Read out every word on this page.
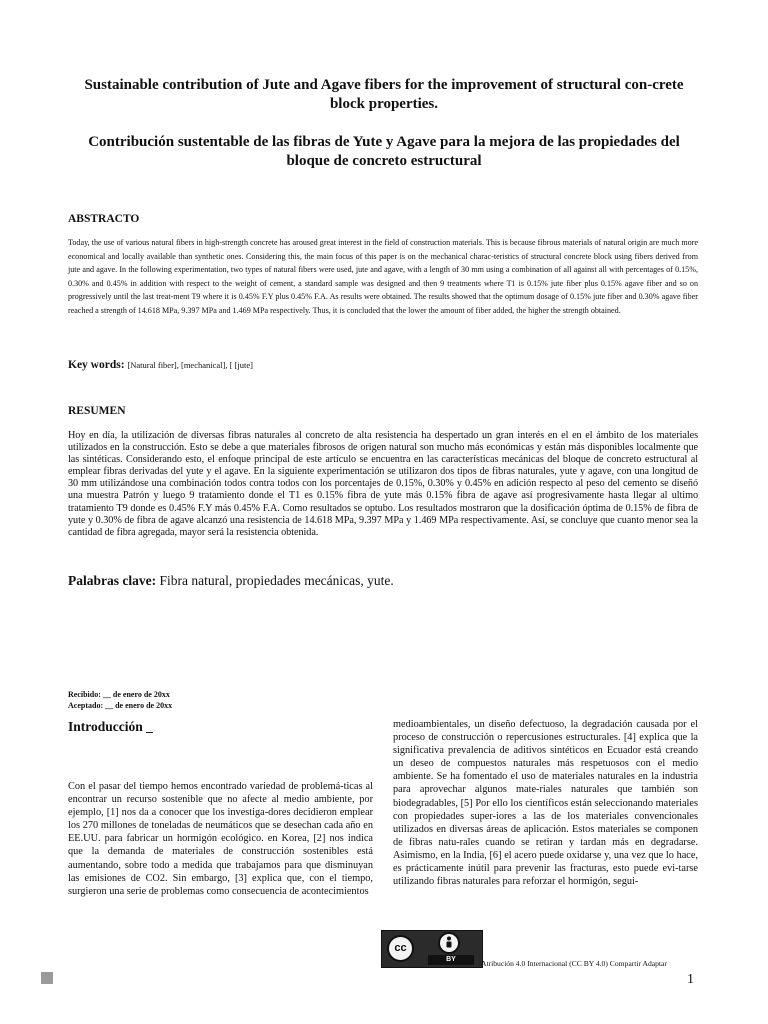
Sustainable contribution of Jute and Agave fibers for the improvement of structural con-crete block properties.
Contribución sustentable de las fibras de Yute y Agave para la mejora de las propiedades del bloque de concreto estructural
ABSTRACTO
Today, the use of various natural fibers in high-strength concrete has aroused great interest in the field of construction materials. This is because fibrous materials of natural origin are much more economical and locally available than synthetic ones. Considering this, the main focus of this paper is on the mechanical charac-teristics of structural concrete block using fibers derived from jute and agave. In the following experimentation, two types of natural fibers were used, jute and agave, with a length of 30 mm using a combination of all against all with percentages of 0.15%, 0.30% and 0.45% in addition with respect to the weight of cement, a standard sample was designed and then 9 treatments where T1 is 0.15% jute fiber plus 0.15% agave fiber and so on progressively until the last treat-ment T9 where it is 0.45% F.Y plus 0.45% F.A. As results were obtained. The results showed that the optimum dosage of 0.15% jute fiber and 0.30% agave fiber reached a strength of 14.618 MPa, 9.397 MPa and 1.469 MPa respectively. Thus, it is concluded that the lower the amount of fiber added, the higher the strength obtained.
Key words: [Natural fiber], [mechanical], [ [jute]
RESUMEN
Hoy en día, la utilización de diversas fibras naturales al concreto de alta resistencia ha despertado un gran interés en el en el ámbito de los materiales utilizados en la construcción. Esto se debe a que materiales fibrosos de origen natural son mucho más económicas y están más disponibles localmente que las sintéticas. Considerando esto, el enfoque principal de este artículo se encuentra en las características mecánicas del bloque de concreto estructural al emplear fibras derivadas del yute y el agave. En la siguiente experimentación se utilizaron dos tipos de fibras naturales, yute y agave, con una longitud de 30 mm utilizándose una combinación todos contra todos con los porcentajes de 0.15%, 0.30% y 0.45% en adición respecto al peso del cemento se diseñó una muestra Patrón y luego 9 tratamiento donde el T1 es 0.15% fibra de yute más 0.15% fibra de agave así progresivamente hasta llegar al ultimo tratamiento T9 donde es 0.45% F.Y más 0.45% F.A. Como resultados se optubo. Los resultados mostraron que la dosificación óptima de 0.15% de fibra de yute y 0.30% de fibra de agave alcanzó una resistencia de 14.618 MPa, 9.397 MPa y 1.469 MPa respectivamente. Así, se concluye que cuanto menor sea la cantidad de fibra agregada, mayor será la resistencia obtenida.
Palabras clave: Fibra natural, propiedades mecánicas, yute.
Recibido: __ de enero de 20xx
Aceptado: __ de enero de 20xx
Introducción _
Con el pasar del tiempo hemos encontrado variedad de problemá-ticas al encontrar un recurso sostenible que no afecte al medio ambiente, por ejemplo, [1] nos da a conocer que los investiga-dores decidieron emplear los 270 millones de toneladas de neumáticos que se desechan cada año en EE.UU. para fabricar un hormigón ecológico. en Korea, [2] nos indica que la demanda de materiales de construcción sostenibles está aumentando, sobre todo a medida que trabajamos para que disminuyan las emisiones de CO2. Sin embargo, [3] explica que, con el tiempo, surgieron una serie de problemas como consecuencia de acontecimientos
medioambientales, un diseño defectuoso, la degradación causada por el proceso de construcción o repercusiones estructurales. [4] explica que la significativa prevalencia de aditivos sintéticos en Ecuador está creando un deseo de compuestos naturales más respetuosos con el medio ambiente. Se ha fomentado el uso de materiales naturales en la industria para aprovechar algunos mate-riales naturales que también son biodegradables, [5] Por ello los científicos están seleccionando materiales con propiedades super-iores a las de los materiales convencionales utilizados en diversas áreas de aplicación. Estos materiales se componen de fibras natu-rales cuando se retiran y tardan más en degradarse. Asimismo, en la India, [6] el acero puede oxidarse y, una vez que lo hace, es prácticamente inútil para prevenir las fracturas, esto puede evi-tarse utilizando fibras naturales para reforzar el hormigón, segui-
cc
BY	Atribución 4.0 Internacional (CC BY 4.0) Compartir Adaptar
1
